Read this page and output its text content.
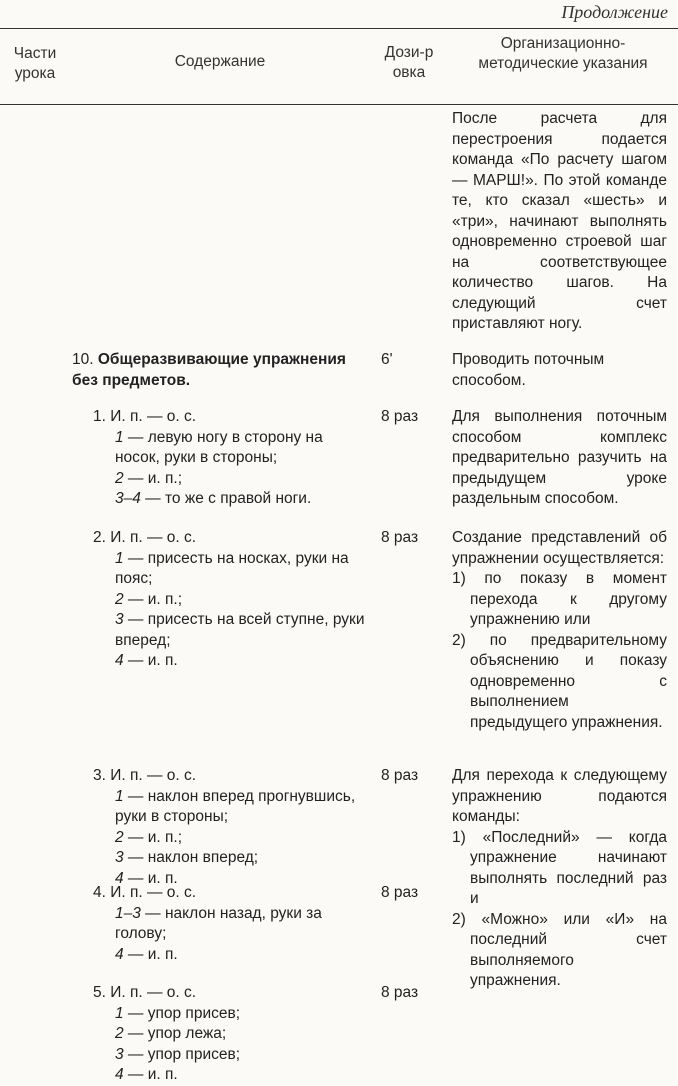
Продолжение
Части урока
Содержание
Дози-ровка
Организационно-методические указания

После расчета для перестроения подается команда «По расчету шагом — МАРШ!». По этой команде те, кто сказал «шесть» и «три», начинают выполнять одновременно строевой шаг на соответствующее количество шагов. На следующий счет приставляют ногу.

10. Общеразвивающие упражнения без предметов.
6'	Проводить поточным способом.

1. И. п. — о. с.

1 — левую ногу в сторону на носок, руки в стороны;

2 — и. п.;

3–4 — то же с правой ноги.

8 раз

2. И. п. — о. с.

1 — присесть на носках, руки на пояс;

2 — и. п.;

3 — присесть на всей ступне, руки вперед;

4 — и. п.

8 раз

3. И. п. — о. с.

1 — наклон вперед прогнувшись, руки в стороны;

2 — и. п.;

3 — наклон вперед;

4 — и. п.

8 раз

4. И. п. — о. с.

1–3 — наклон назад, руки за голову;

4 — и. п.

8 раз

5. И. п. — о. с.

1 — упор присев;

2 — упор лежа;

3 — упор присев;

4 — и. п.

8 раз

Для выполнения поточным способом комплекс предварительно разучить на предыдущем уроке раздельным способом.

Создание представлений об упражнении осуществляется:

1) по показу в момент перехода к другому упражнению или

2) по предварительному объяснению и показу одновременно с выполнением предыдущего упражнения.

Для перехода к следующему упражнению подаются команды:

1) «Последний» — когда упражнение начинают выполнять последний раз и

2) «Можно» или «И» на последний счет выполняемого упражнения.
